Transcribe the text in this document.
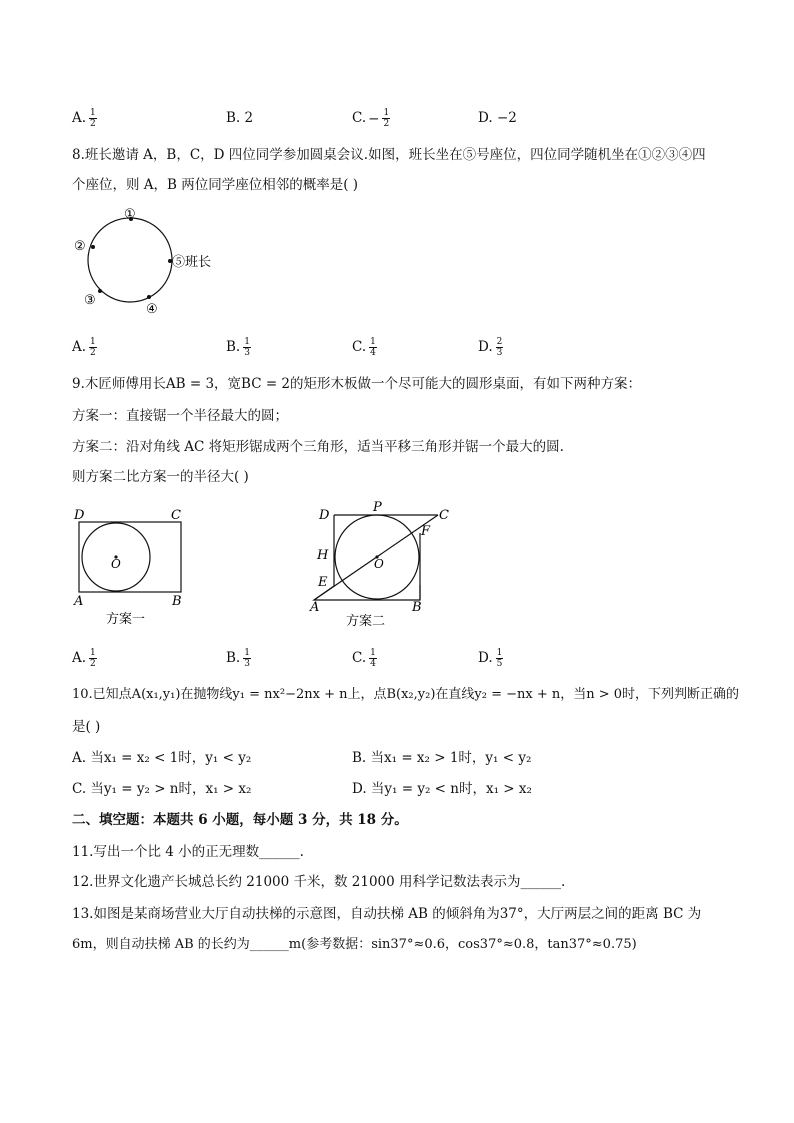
A. $\frac{1}{2}$	B. 2	C. − $\frac{1}{2}$	D. −2
8.班长邀请 A，B，C，D 四位同学参加圆桌会议.如图，班长坐在⑤号座位，四位同学随机坐在①②③④四
个座位，则 A，B 两位同学座位相邻的概率是( )
①
②
③
④
⑤班长
A. $\frac{1}{2}$	B. $\frac{1}{3}$	C. $\frac{1}{4}$	D. $\frac{2}{3}$
9.木匠师傅用长AB = 3，宽BC = 2的矩形木板做一个尽可能大的圆形桌面，有如下两种方案：
方案一：直接锯一个半径最大的圆；
方案二：沿对角线 AC 将矩形锯成两个三角形，适当平移三角形并锯一个最大的圆.
则方案二比方案一的半径大( )
D	C
A	B
O
方案一
D
P
C
F
H
O
E
A	B
方案二
A. $\frac{1}{2}$	B. $\frac{1}{3}$	C. $\frac{1}{4}$	D. $\frac{1}{5}$
10.已知点A(x₁,y₁)在抛物线y₁ = nx²−2nx + n上，点B(x₂,y₂)在直线y₂ = −nx + n，当n > 0时，下列判断正确的
是( )
A. 当x₁ = x₂ < 1时，y₁ < y₂	B. 当x₁ = x₂ > 1时，y₁ < y₂
C. 当y₁ = y₂ > n时，x₁ > x₂	D. 当y₁ = y₂ < n时，x₁ > x₂
二、填空题：本题共 6 小题，每小题 3 分，共 18 分。
11.写出一个比 4 小的正无理数______.
12.世界文化遗产长城总长约 21000 千米，数 21000 用科学记数法表示为______.
13.如图是某商场营业大厅自动扶梯的示意图，自动扶梯 AB 的倾斜角为37°，大厅两层之间的距离 BC 为
6m，则自动扶梯 AB 的长约为______m(参考数据：sin37°≈0.6，cos37°≈0.8，tan37°≈0.75)
